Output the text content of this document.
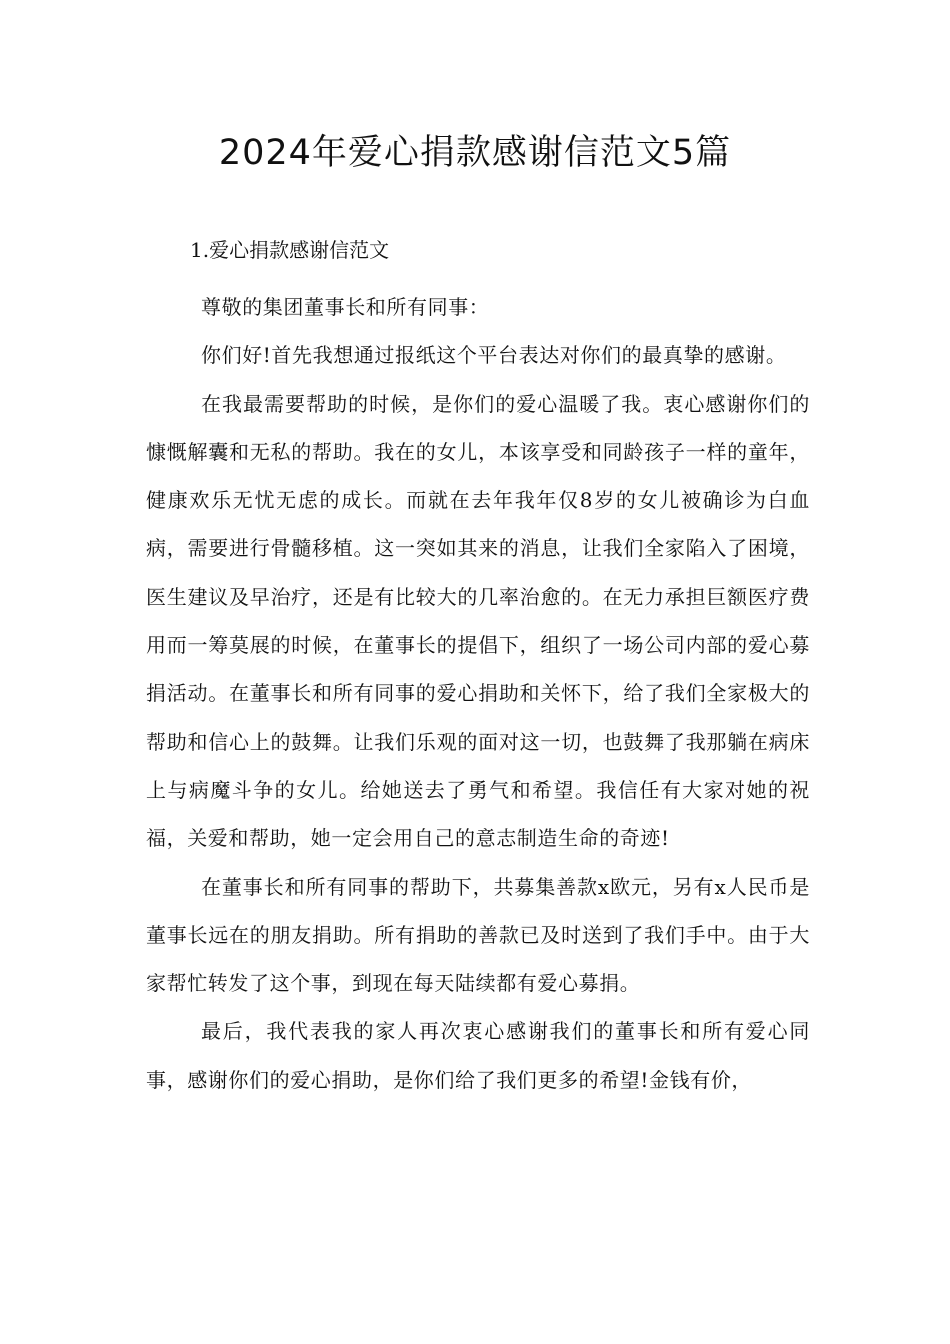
2024年爱心捐款感谢信范文5篇
1.爱心捐款感谢信范文

尊敬的集团董事长和所有同事：

你们好!首先我想通过报纸这个平台表达对你们的最真挚的感谢。

在我最需要帮助的时候，是你们的爱心温暖了我。衷心感谢你们的慷慨解囊和无私的帮助。我在的女儿，本该享受和同龄孩子一样的童年，健康欢乐无忧无虑的成长。而就在去年我年仅8岁的女儿被确诊为白血病，需要进行骨髓移植。这一突如其来的消息，让我们全家陷入了困境，医生建议及早治疗，还是有比较大的几率治愈的。在无力承担巨额医疗费用而一筹莫展的时候，在董事长的提倡下，组织了一场公司内部的爱心募捐活动。在董事长和所有同事的爱心捐助和关怀下，给了我们全家极大的帮助和信心上的鼓舞。让我们乐观的面对这一切，也鼓舞了我那躺在病床上与病魔斗争的女儿。给她送去了勇气和希望。我信任有大家对她的祝福，关爱和帮助，她一定会用自己的意志制造生命的奇迹!

在董事长和所有同事的帮助下，共募集善款x欧元，另有x人民币是董事长远在的朋友捐助。所有捐助的善款已及时送到了我们手中。由于大家帮忙转发了这个事，到现在每天陆续都有爱心募捐。

最后，我代表我的家人再次衷心感谢我们的董事长和所有爱心同事，感谢你们的爱心捐助，是你们给了我们更多的希望!金钱有价，
